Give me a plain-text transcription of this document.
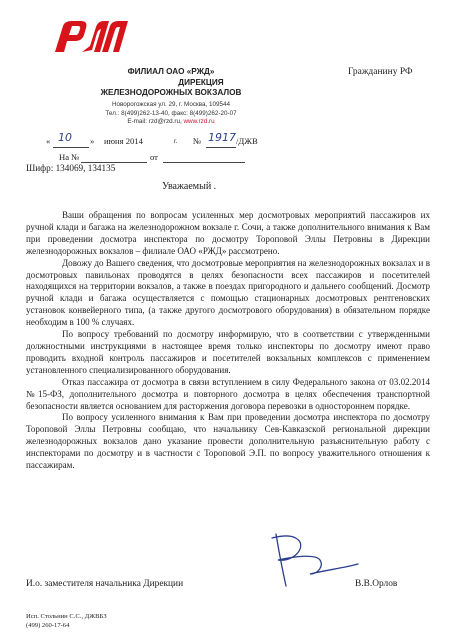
ФИЛИАЛ ОАО «РЖД»
ДИРЕКЦИЯ
ЖЕЛЕЗНОДОРОЖНЫХ ВОКЗАЛОВ
Новорогожская ул. 29, г. Москва, 109544
Тел.: 8(499)262-13-40, факс: 8(499)262-20-07
E-mail: rzd@rzd.ru, www.rzd.ru
Гражданину РФ
« 10 » июня 2014	г. № 1917 /ДЖВ
На №	от
Шифр: 134069, 134135
Уважаемый .

Ваши обращения по вопросам усиленных мер досмотровых мероприятий пассажиров их ручной клади и багажа на железнодорожном вокзале г. Сочи, а также дополнительного внимания к Вам при проведении досмотра инспектора по досмотру Тороповой Эллы Петровны в Дирекции железнодорожных вокзалов – филиале ОАО «РЖД» рассмотрено.

Довожу до Вашего сведения, что досмотровые мероприятия на железнодорожных вокзалах и в досмотровых павильонах проводятся в целях безопасности всех пассажиров и посетителей находящихся на территории вокзалов, а также в поездах пригородного и дальнего сообщений. Досмотр ручной клади и багажа осуществляется с помощью стационарных досмотровых рентгеновских установок конвейерного типа, (а также другого досмотрового оборудования) в обязательном порядке необходим в 100 % случаях.

По вопросу требований по досмотру информирую, что в соответствии с утвержденными должностными инструкциями в настоящее время только инспекторы по досмотру имеют право проводить входной контроль пассажиров и посетителей вокзальных комплексов с применением установленного специализированного оборудования.

Отказ пассажира от досмотра в связи вступлением в силу Федерального закона от 03.02.2014 №15-ФЗ, дополнительного досмотра и повторного досмотра в целях обеспечения транспортной безопасности является основанием для расторжения договора перевозки в одностороннем порядке.

По вопросу усиленного внимания к Вам при проведении досмотра инспектора по досмотру Тороповой Эллы Петровны сообщаю, что начальнику Сев-Кавказской региональной дирекции железнодорожных вокзалов дано указание провести дополнительную разъяснительную работу с инспекторами по досмотру и в частности с Тороповой Э.П. по вопросу уважительного отношения к пассажирам.

И.о. заместителя начальника Дирекции	В.В.Орлов
Исп. Стольнин С.С., ДЖВБЗ
(499) 260-17-64
